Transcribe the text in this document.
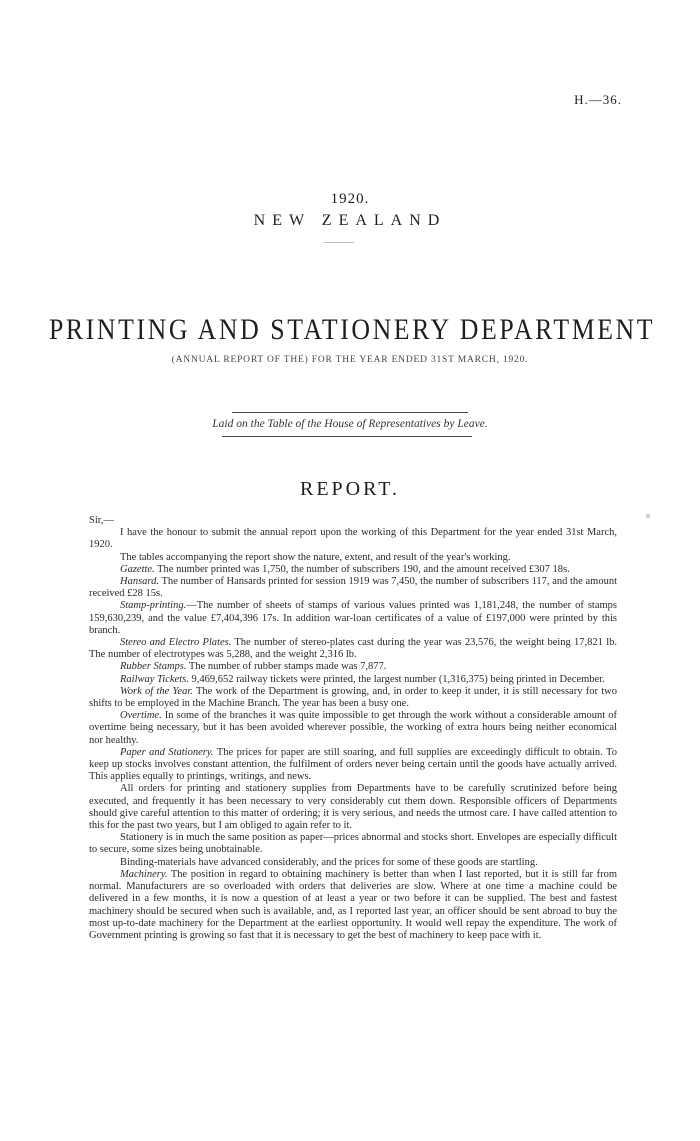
H.—36.
1920.
NEW ZEALAND
PRINTING AND STATIONERY DEPARTMENT
(ANNUAL REPORT OF THE) FOR THE YEAR ENDED 31ST MARCH, 1920.
Laid on the Table of the House of Representatives by Leave.
REPORT.

Sir,—

I have the honour to submit the annual report upon the working of this Department for the year ended 31st March, 1920.

The tables accompanying the report show the nature, extent, and result of the year's working.

Gazette. The number printed was 1,750, the number of subscribers 190, and the amount received £307 18s.

Hansard. The number of Hansards printed for session 1919 was 7,450, the number of subscribers 117, and the amount received £28 15s.

Stamp-printing.—The number of sheets of stamps of various values printed was 1,181,248, the number of stamps 159,630,239, and the value £7,404,396 17s. In addition war-loan certificates of a value of £197,000 were printed by this branch.

Stereo and Electro Plates. The number of stereo-plates cast during the year was 23,576, the weight being 17,821 lb. The number of electrotypes was 5,288, and the weight 2,316 lb.

Rubber Stamps. The number of rubber stamps made was 7,877.

Railway Tickets. 9,469,652 railway tickets were printed, the largest number (1,316,375) being printed in December.

Work of the Year. The work of the Department is growing, and, in order to keep it under, it is still necessary for two shifts to be employed in the Machine Branch. The year has been a busy one.

Overtime. In some of the branches it was quite impossible to get through the work without a considerable amount of overtime being necessary, but it has been avoided wherever possible, the working of extra hours being neither economical nor healthy.

Paper and Stationery. The prices for paper are still soaring, and full supplies are exceedingly difficult to obtain. To keep up stocks involves constant attention, the fulfilment of orders never being certain until the goods have actually arrived. This applies equally to printings, writings, and news.

All orders for printing and stationery supplies from Departments have to be carefully scrutinized before being executed, and frequently it has been necessary to very considerably cut them down. Responsible officers of Departments should give careful attention to this matter of ordering; it is very serious, and needs the utmost care. I have called attention to this for the past two years, but I am obliged to again refer to it.

Stationery is in much the same position as paper—prices abnormal and stocks short. Envelopes are especially difficult to secure, some sizes being unobtainable.

Binding-materials have advanced considerably, and the prices for some of these goods are startling.

Machinery. The position in regard to obtaining machinery is better than when I last reported, but it is still far from normal. Manufacturers are so overloaded with orders that deliveries are slow. Where at one time a machine could be delivered in a few months, it is now a question of at least a year or two before it can be supplied. The best and fastest machinery should be secured when such is available, and, as I reported last year, an officer should be sent abroad to buy the most up-to-date machinery for the Department at the earliest opportunity. It would well repay the expenditure. The work of Government printing is growing so fast that it is necessary to get the best of machinery to keep pace with it.
